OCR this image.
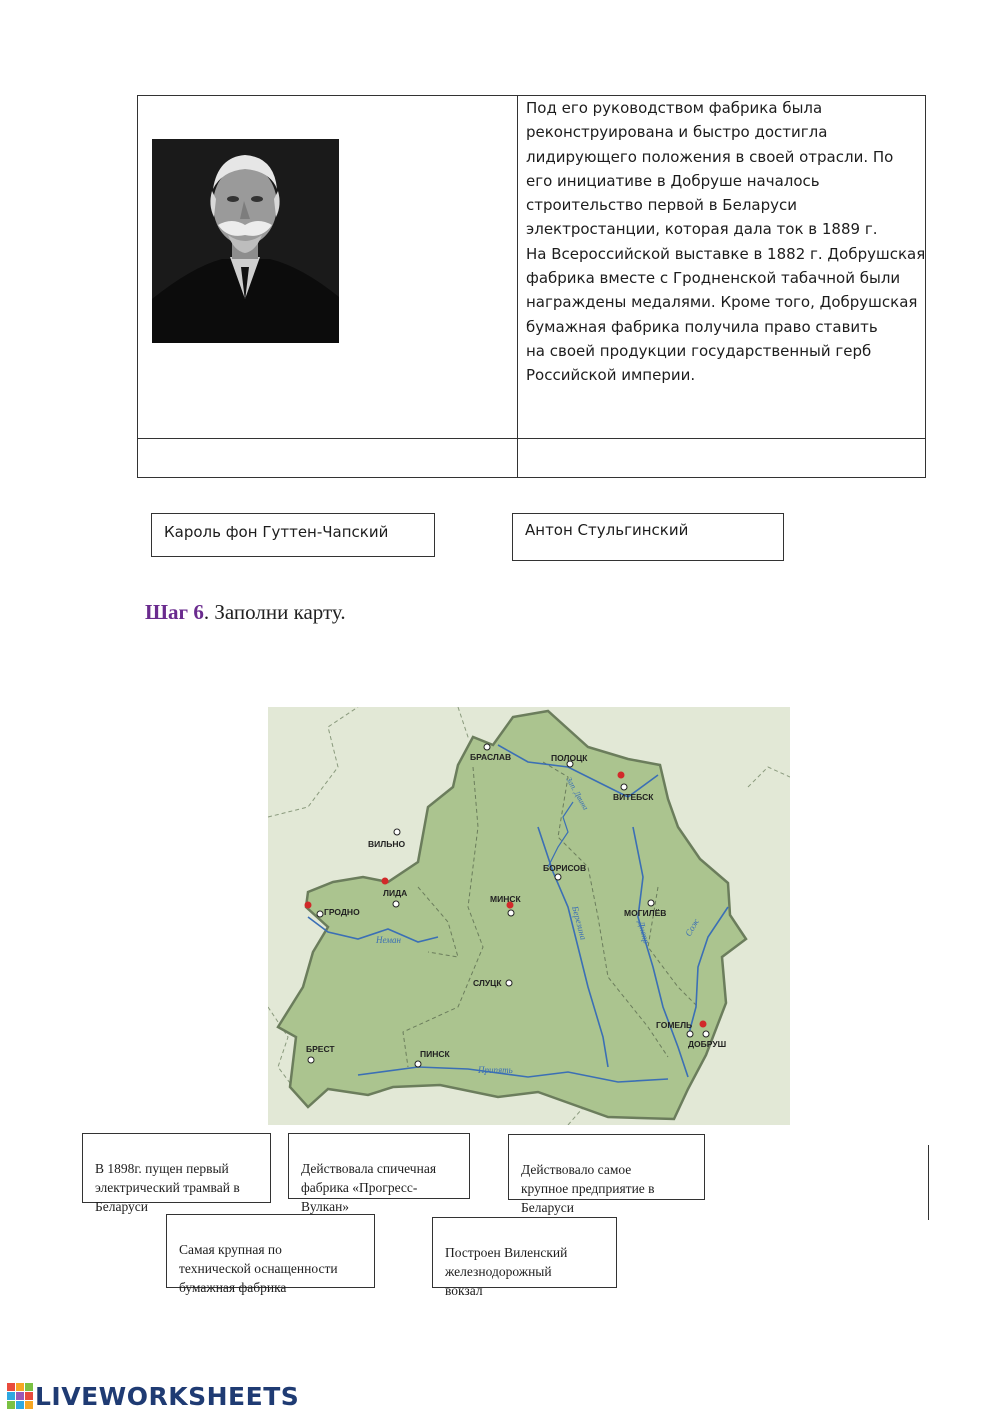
Под его руководством фабрика была
реконструирована и быстро достигла
лидирующего положения в своей отрасли. По
его инициативе в Добруше началось
строительство первой в Беларуси
электростанции, которая дала ток в 1889 г.
На Всероссийской выставке в 1882 г. Добрушская
фабрика вместе с Гродненской табачной были
награждены медалями. Кроме того, Добрушская
бумажная фабрика получила право ставить
на своей продукции государственный герб
Российской империи.
Кароль фон Гуттен-Чапский	Антон Стульгинский
Шаг 6. Заполни карту.
Неман	Березина	Днепр	Сож
Припять
Зап. Двина
БРАСЛАВ	ПОЛОЦК
ВИТЕБСК
ВИЛЬНО
ЛИДА
ГРОДНО
МИНСК
БОРИСОВ
МОГИЛЁВ
СЛУЦК
ГОМЕЛЬ
ДОБРУШ
БРЕСТ	ПИНСК

В 1898г. пущен первый
электрический трамвай в
Беларуси

Действовала спичечная
фабрика «Прогресс-
Вулкан»

Действовало самое
крупное предприятие в
Беларуси

Самая крупная по
технической оснащенности
бумажная фабрика

Построен Виленский
железнодорожный
вокзал

LIVEWORKSHEETS
